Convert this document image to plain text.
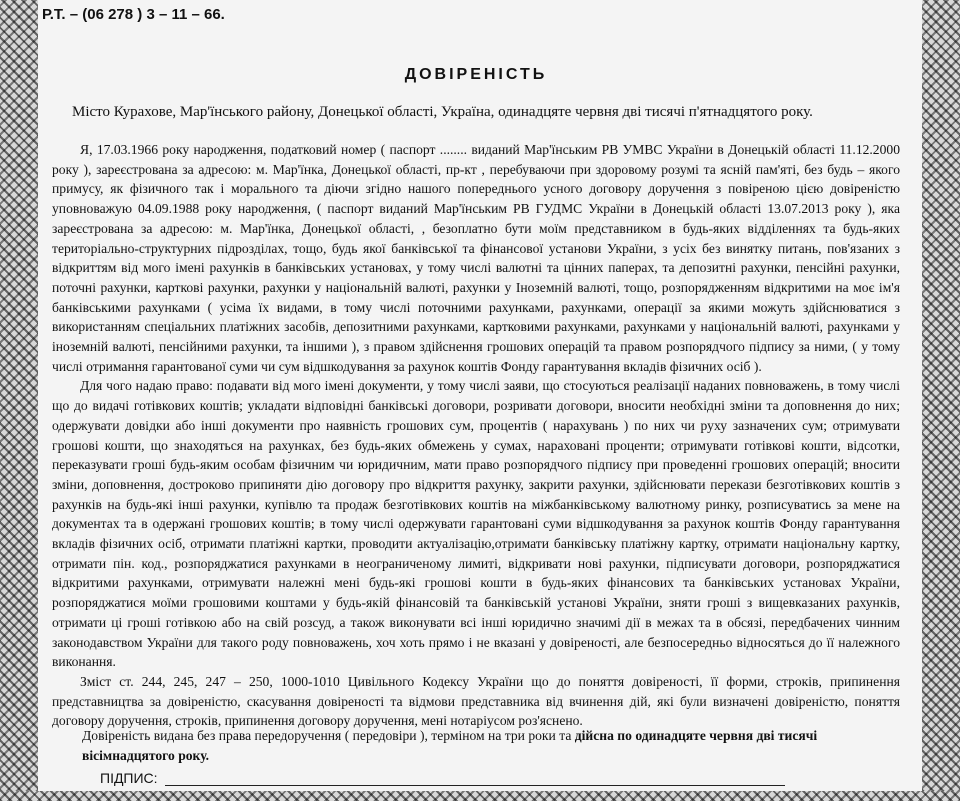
Р.Т. – (06 278 ) 3 – 11 – 66.
ДОВІРЕНІСТЬ
Місто Курахове, Мар'їнського району, Донецької області, Україна, одинадцяте червня дві тисячі п'ятнадцятого року.

Я, 17.03.1966 року народження, податковий номер ( паспорт ........ виданий Мар'їнським РВ УМВС України в Донецькій області 11.12.2000 року ), зареєстрована за адресою: м. Мар'їнка, Донецької області, пр-кт , перебуваючи при здоровому розумі та ясній пам'яті, без будь – якого примусу, як фізичного так і морального та діючи згідно нашого попереднього усного договору доручення з повіреною цією довіреністю уповноважую 04.09.1988 року народження, ( паспорт виданий Мар'їнським РВ ГУДМС України в Донецькій області 13.07.2013 року ), яка зареєстрована за адресою: м. Мар'їнка, Донецької області, , безоплатно бути моїм представником в будь-яких відділеннях та будь-яких територіально-структурних підрозділах, тощо, будь якої банківської та фінансової установи України, з усіх без винятку питань, пов'язаних з відкриттям від мого імені рахунків в банківських установах, у тому числі валютні та цінних паперах, та депозитні рахунки, пенсійні рахунки, поточні рахунки, карткові рахунки, рахунки у національній валюті, рахунки у Іноземній валюті, тощо, розпорядженням відкритими на моє ім'я банківськими рахунками ( усіма їх видами, в тому числі поточними рахунками, рахунками, операції за якими можуть здійснюватися з використанням спеціальних платіжних засобів, депозитними рахунками, картковими рахунками, рахунками у національній валюті, рахунками у іноземній валюті, пенсійними рахунки, та іншими ), з правом здійснення грошових операцій та правом розпорядчого підпису за ними, ( у тому числі отримання гарантованої суми чи сум відшкодування за рахунок коштів Фонду гарантування вкладів фізичних осіб ).

Для чого надаю право: подавати від мого імені документи, у тому числі заяви, що стосуються реалізації наданих повноважень, в тому числі що до видачі готівкових коштів; укладати відповідні банківські договори, розривати договори, вносити необхідні зміни та доповнення до них; одержувати довідки або інші документи про наявність грошових сум, процентів ( нарахувань ) по них чи руху зазначених сум; отримувати грошові кошти, що знаходяться на рахунках, без будь-яких обмежень у сумах, нараховані проценти; отримувати готівкові кошти, відсотки, переказувати грошi будь-яким особам фізичним чи юридичним, мати право розпорядчого підпису при проведенні грошових операцій; вносити зміни, доповнення, достроково припиняти дію договору про відкриття рахунку, закрити рахунки, здійснювати перекази безготівкових коштів з рахунків на будь-які інші рахунки, купівлю та продаж безготівкових коштів на міжбанківському валютному ринку, розписуватись за мене на документах та в одержані грошових коштів; в тому числі одержувати гарантовані суми відшкодування за рахунок коштів Фонду гарантування вкладів фізичних осіб, отримати платіжні картки, проводити актуалізацію,отримати банківську платіжну картку, отримати національну картку, отримати пін. код., розпоряджатися рахунками в неограниченому лимиті, відкривати нові рахунки, підписувати договори, розпоряджатися відкритими рахунками, отримувати належні мені будь-які грошові кошти в будь-яких фінансових та банківських установах України, розпоряджатися моїми грошовими коштами у будь-якій фінансовій та банківській установі України, зняти гроші з вищевказаних рахунків, отримати ці гроші готівкою або на свій розсуд, а також виконувати всі інші юридично значимі дії в межах та в обсязі, передбачених чинним законодавством України для такого роду повноважень, хоч хоть прямо і не вказані у довіреності, але безпосередньо відносяться до її належного виконання.

Зміст ст. 244, 245, 247 – 250, 1000-1010 Цивільного Кодексу України що до поняття довіреності, її форми, строків, припинення представництва за довіреністю, скасування довіреності та відмови представника від вчинення дій, які були визначені довіреністю, поняття договору доручення, строків, припинення договору доручення, мені нотаріусом роз'яснено.

Довіреність видана без права передоручення ( передовіри ), терміном на три роки та дійсна по одинадцяте червня дві тисячі вісімнадцятого року.
ПІДПИС:
